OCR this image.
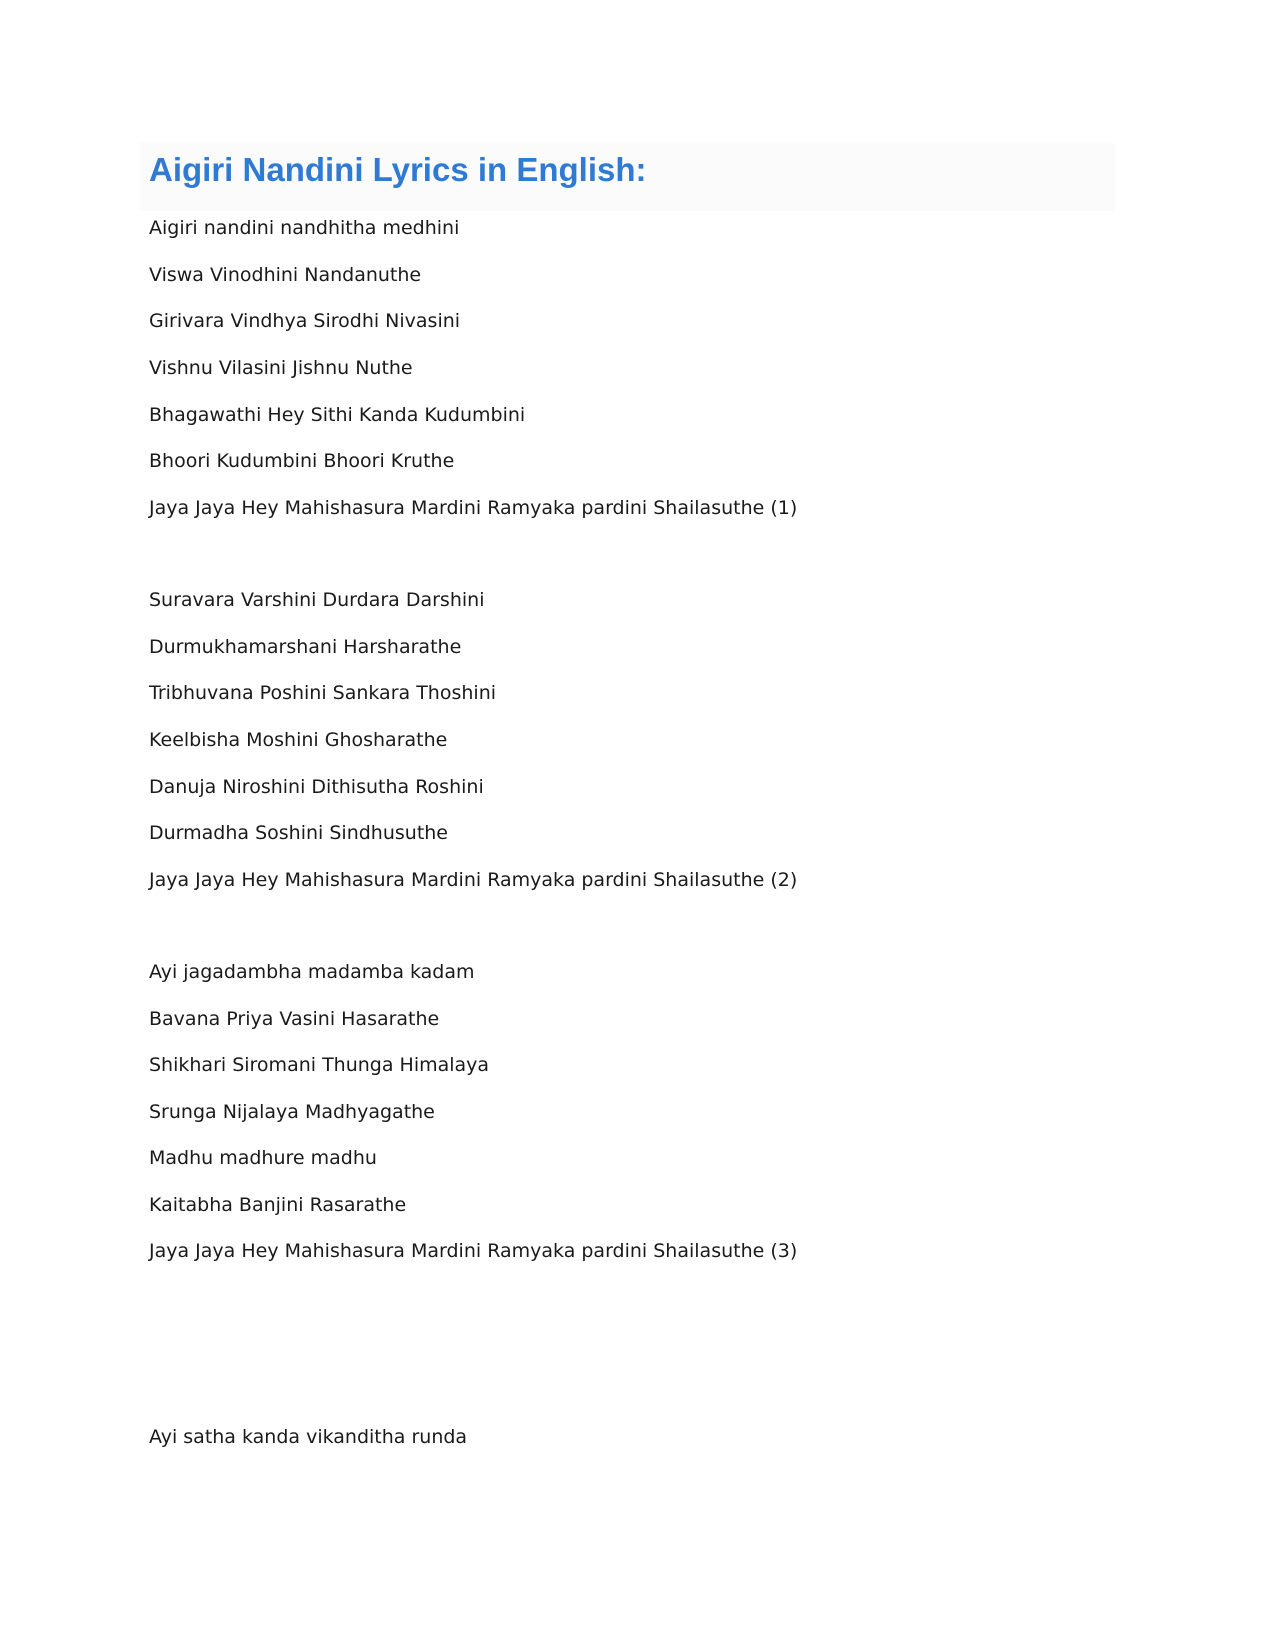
Aigiri Nandini Lyrics in English:

Aigiri nandini nandhitha medhini

Viswa Vinodhini Nandanuthe

Girivara Vindhya Sirodhi Nivasini

Vishnu Vilasini Jishnu Nuthe

Bhagawathi Hey Sithi Kanda Kudumbini

Bhoori Kudumbini Bhoori Kruthe

Jaya Jaya Hey Mahishasura Mardini Ramyaka pardini Shailasuthe (1)

Suravara Varshini Durdara Darshini

Durmukhamarshani Harsharathe

Tribhuvana Poshini Sankara Thoshini

Keelbisha Moshini Ghosharathe

Danuja Niroshini Dithisutha Roshini

Durmadha Soshini Sindhusuthe

Jaya Jaya Hey Mahishasura Mardini Ramyaka pardini Shailasuthe (2)

Ayi jagadambha madamba kadam

Bavana Priya Vasini Hasarathe

Shikhari Siromani Thunga Himalaya

Srunga Nijalaya Madhyagathe

Madhu madhure madhu

Kaitabha Banjini Rasarathe

Jaya Jaya Hey Mahishasura Mardini Ramyaka pardini Shailasuthe (3)

Ayi satha kanda vikanditha runda
